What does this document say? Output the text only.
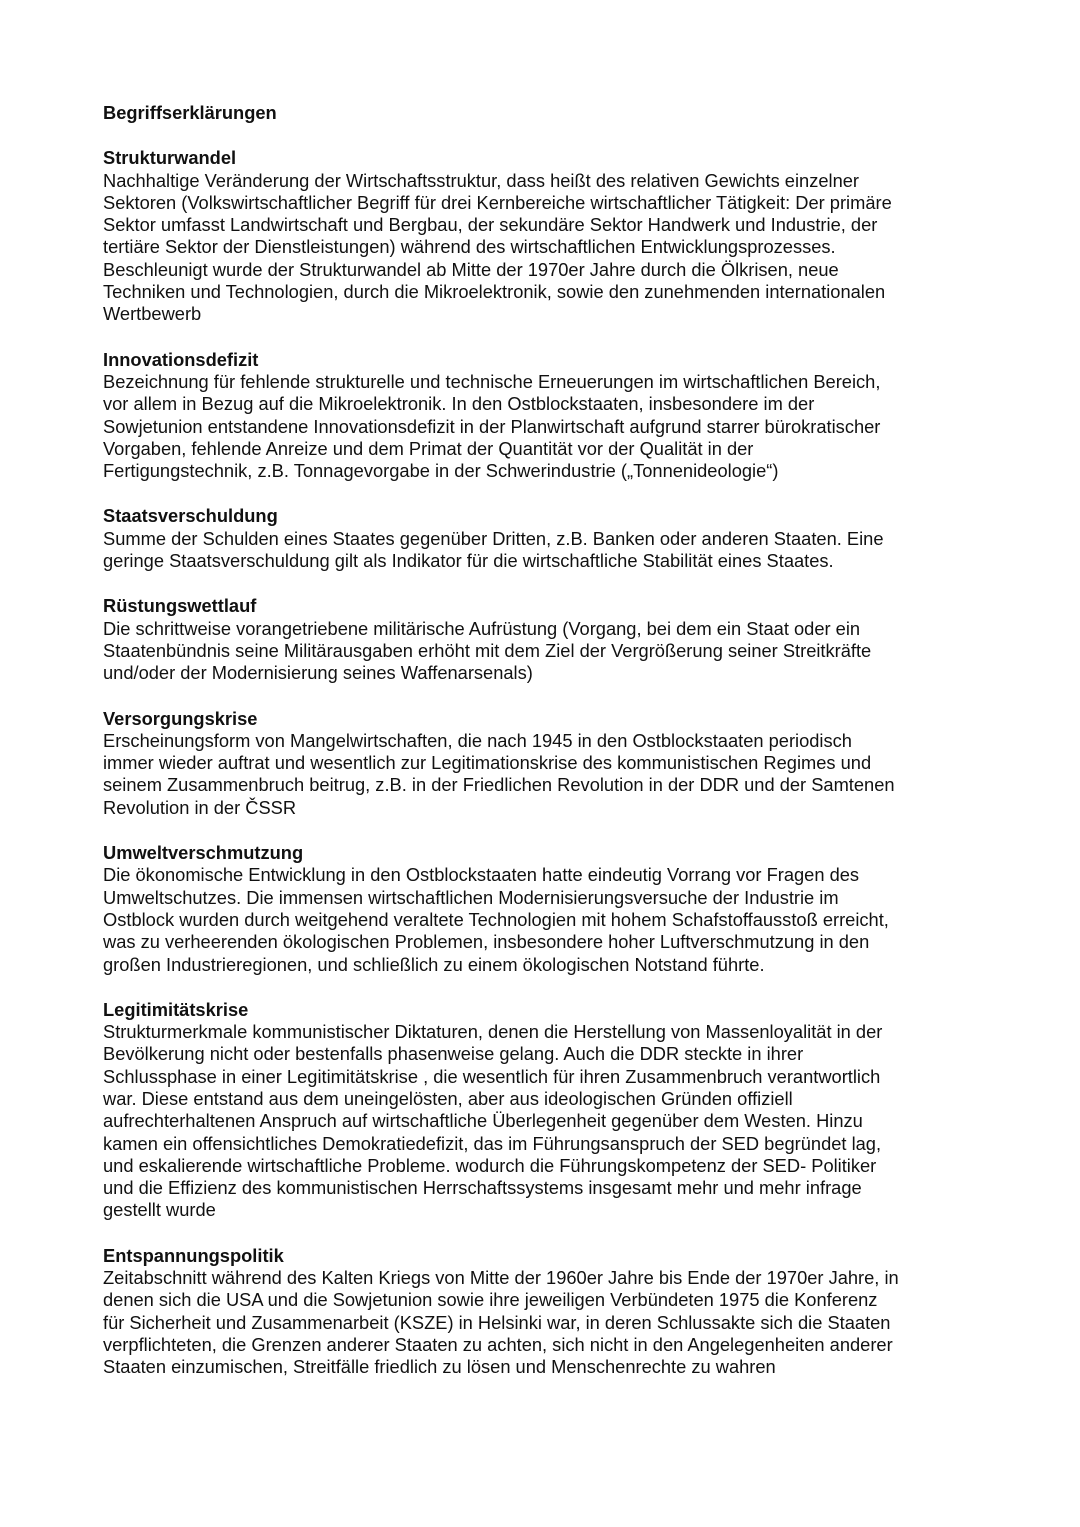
Begriffserklärungen
Strukturwandel
Nachhaltige Veränderung der Wirtschaftsstruktur, dass heißt des relativen Gewichts einzelner
Sektoren (Volkswirtschaftlicher Begriff für drei Kernbereiche wirtschaftlicher Tätigkeit: Der primäre
Sektor umfasst Landwirtschaft und Bergbau, der sekundäre Sektor Handwerk und Industrie, der
tertiäre Sektor der Dienstleistungen) während des wirtschaftlichen Entwicklungsprozesses.
Beschleunigt wurde der Strukturwandel ab Mitte der 1970er Jahre durch die Ölkrisen, neue
Techniken und Technologien, durch die Mikroelektronik, sowie den zunehmenden internationalen
Wertbewerb
Innovationsdefizit
Bezeichnung für fehlende strukturelle und technische Erneuerungen im wirtschaftlichen Bereich,
vor allem in Bezug auf die Mikroelektronik. In den Ostblockstaaten, insbesondere im der
Sowjetunion entstandene Innovationsdefizit in der Planwirtschaft aufgrund starrer bürokratischer
Vorgaben, fehlende Anreize und dem Primat der Quantität vor der Qualität in der
Fertigungstechnik, z.B. Tonnagevorgabe in der Schwerindustrie („Tonnenideologie“)
Staatsverschuldung
Summe der Schulden eines Staates gegenüber Dritten, z.B. Banken oder anderen Staaten. Eine
geringe Staatsverschuldung gilt als Indikator für die wirtschaftliche Stabilität eines Staates.
Rüstungswettlauf
Die schrittweise vorangetriebene militärische Aufrüstung (Vorgang, bei dem ein Staat oder ein
Staatenbündnis seine Militärausgaben erhöht mit dem Ziel der Vergrößerung seiner Streitkräfte
und/oder der Modernisierung seines Waffenarsenals)
Versorgungskrise
Erscheinungsform von Mangelwirtschaften, die nach 1945 in den Ostblockstaaten periodisch
immer wieder auftrat und wesentlich zur Legitimationskrise des kommunistischen Regimes und
seinem Zusammenbruch beitrug, z.B. in der Friedlichen Revolution in der DDR und der Samtenen
Revolution in der ČSSR
Umweltverschmutzung
Die ökonomische Entwicklung in den Ostblockstaaten hatte eindeutig Vorrang vor Fragen des
Umweltschutzes. Die immensen wirtschaftlichen Modernisierungsversuche der Industrie im
Ostblock wurden durch weitgehend veraltete Technologien mit hohem Schafstoffausstoß erreicht,
was zu verheerenden ökologischen Problemen, insbesondere hoher Luftverschmutzung in den
großen Industrieregionen, und schließlich zu einem ökologischen Notstand führte.
Legitimitätskrise
Strukturmerkmale kommunistischer Diktaturen, denen die Herstellung von Massenloyalität in der
Bevölkerung nicht oder bestenfalls phasenweise gelang. Auch die DDR steckte in ihrer
Schlussphase in einer Legitimitätskrise , die wesentlich für ihren Zusammenbruch verantwortlich
war. Diese entstand aus dem uneingelösten, aber aus ideologischen Gründen offiziell
aufrechterhaltenen Anspruch auf wirtschaftliche Überlegenheit gegenüber dem Westen. Hinzu
kamen ein offensichtliches Demokratiedefizit, das im Führungsanspruch der SED begründet lag,
und eskalierende wirtschaftliche Probleme. wodurch die Führungskompetenz der SED- Politiker
und die Effizienz des kommunistischen Herrschaftssystems insgesamt mehr und mehr infrage
gestellt wurde
Entspannungspolitik
Zeitabschnitt während des Kalten Kriegs von Mitte der 1960er Jahre bis Ende der 1970er Jahre, in
denen sich die USA und die Sowjetunion sowie ihre jeweiligen Verbündeten 1975 die Konferenz
für Sicherheit und Zusammenarbeit (KSZE) in Helsinki war, in deren Schlussakte sich die Staaten
verpflichteten, die Grenzen anderer Staaten zu achten, sich nicht in den Angelegenheiten anderer
Staaten einzumischen, Streitfälle friedlich zu lösen und Menschenrechte zu wahren
